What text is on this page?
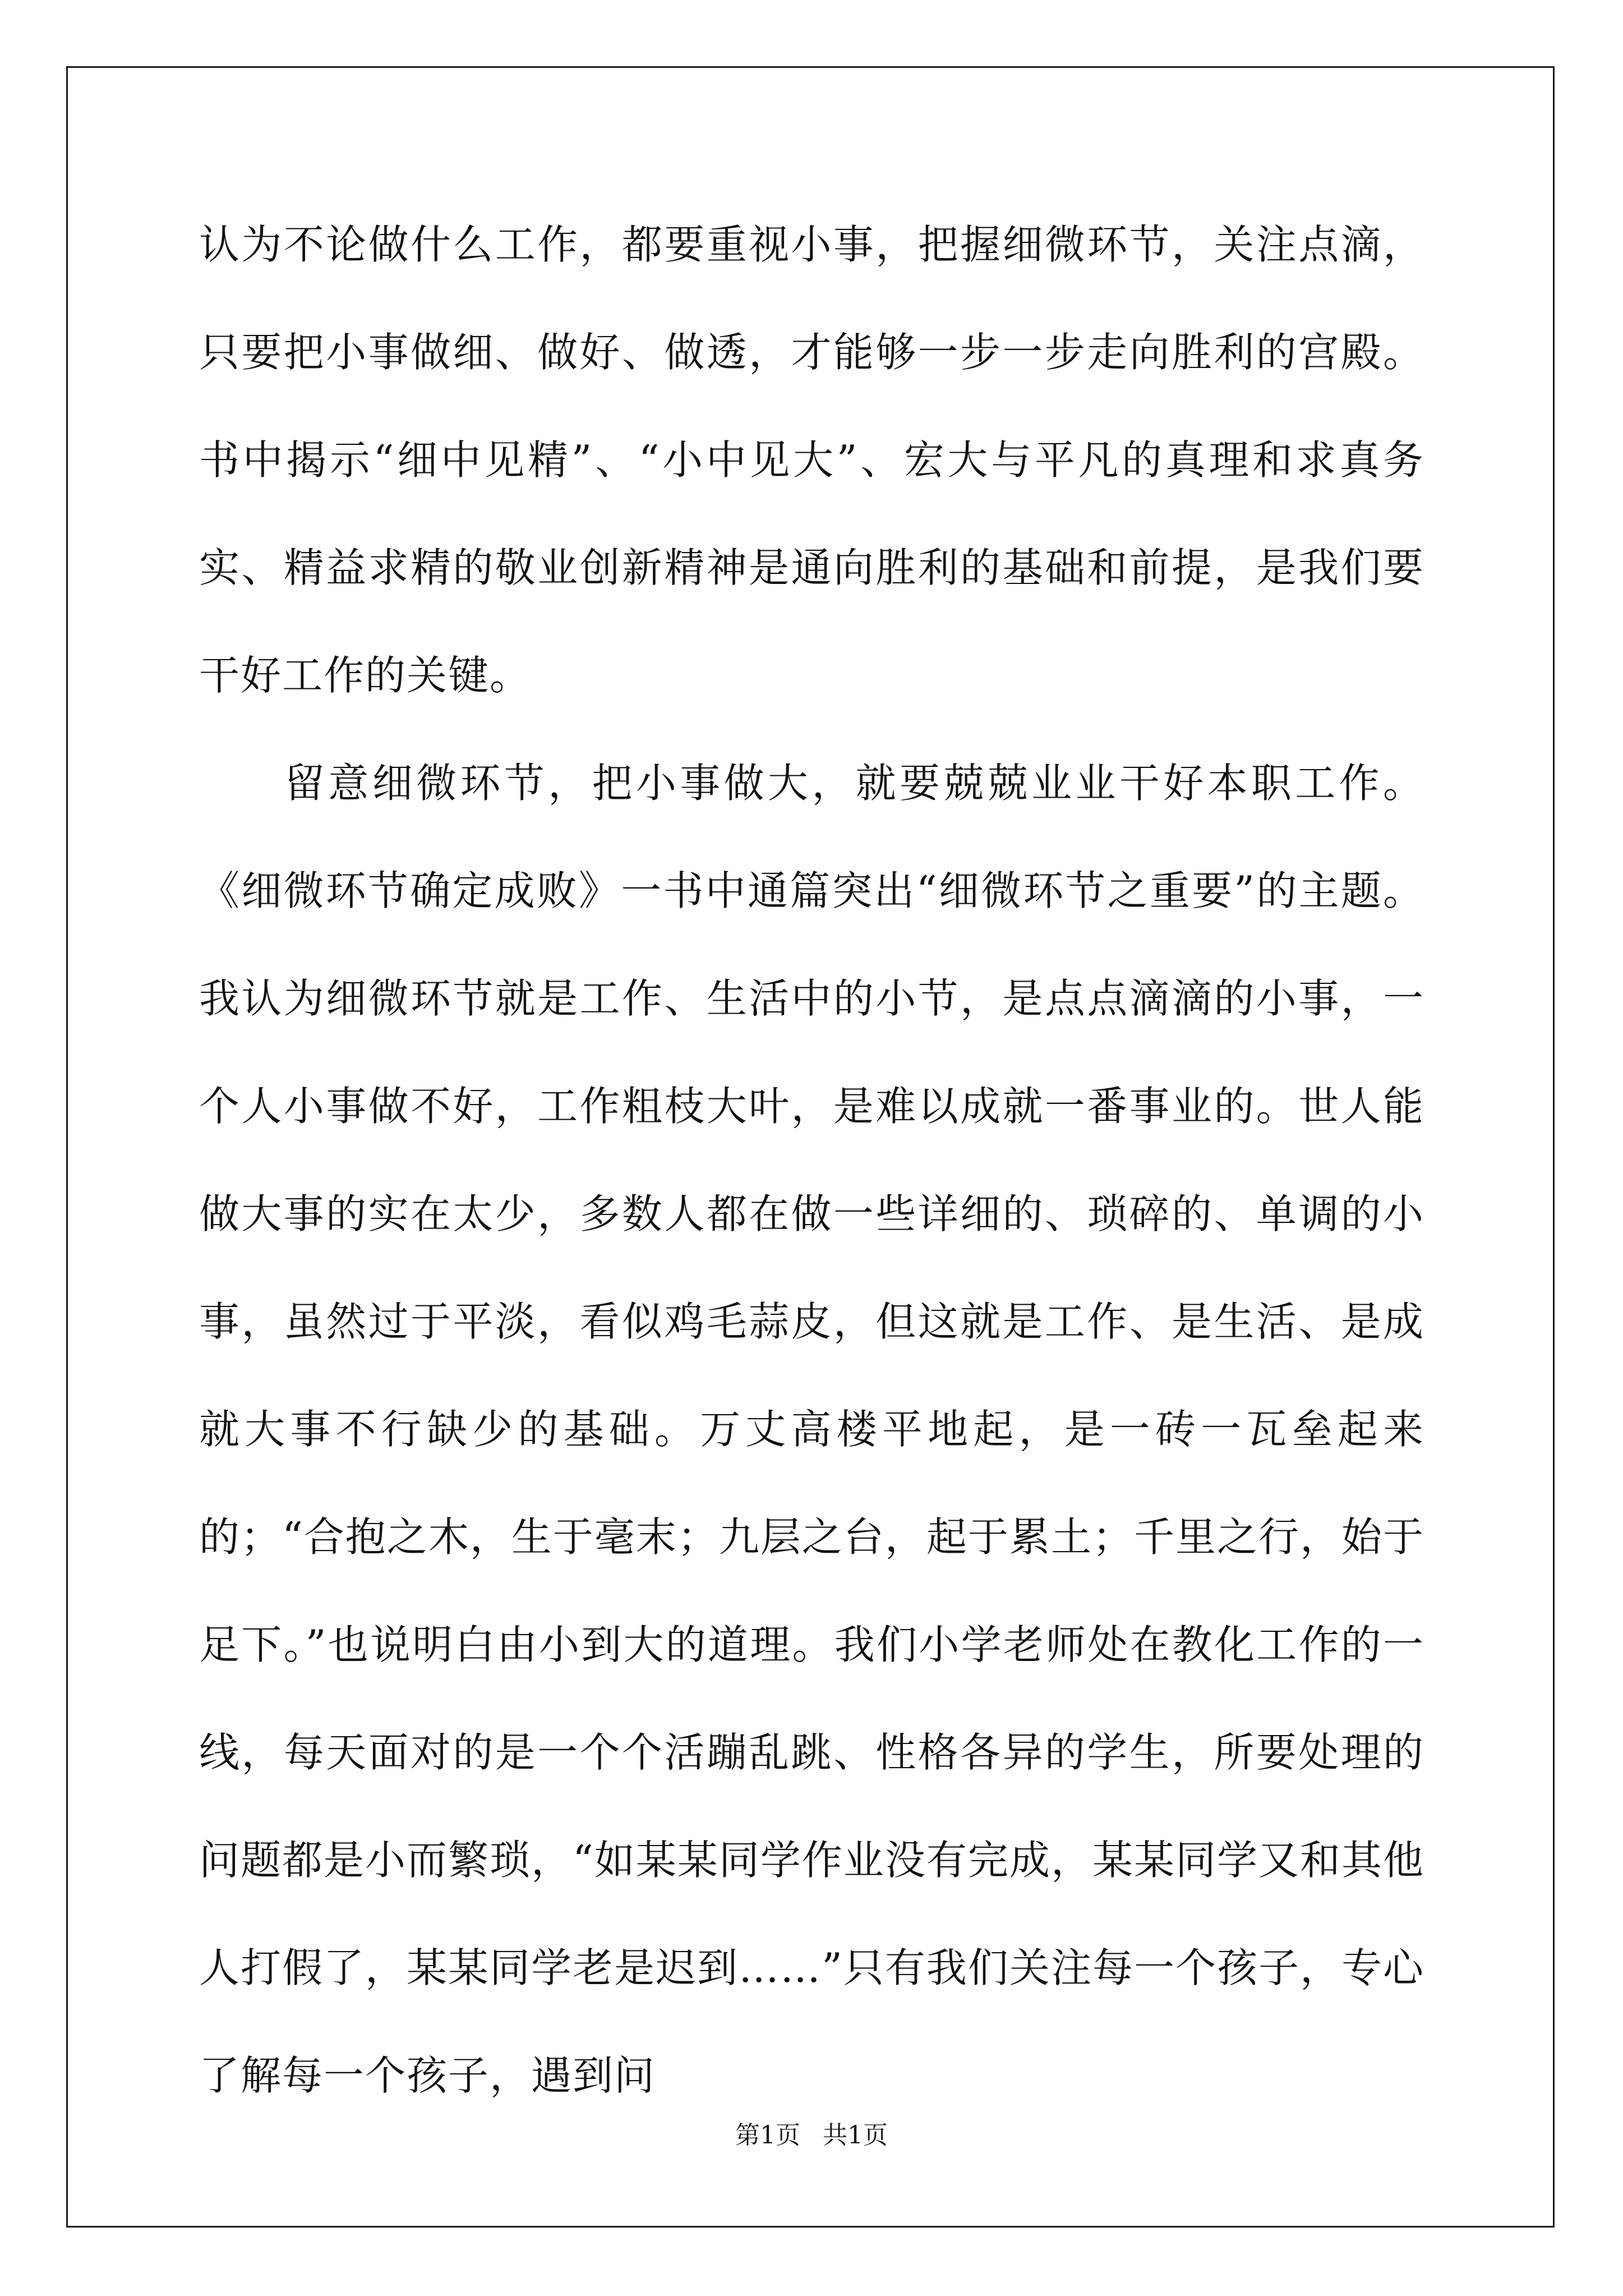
认为不论做什么工作，都要重视小事，把握细微环节，关注点滴，只要把小事做细、做好、做透，才能够一步一步走向胜利的宫殿。书中揭示“细中见精”、“小中见大”、宏大与平凡的真理和求真务实、精益求精的敬业创新精神是通向胜利的基础和前提，是我们要干好工作的关键。

留意细微环节，把小事做大，就要兢兢业业干好本职工作。《细微环节确定成败》一书中通篇突出“细微环节之重要”的主题。我认为细微环节就是工作、生活中的小节，是点点滴滴的小事，一个人小事做不好，工作粗枝大叶，是难以成就一番事业的。世人能做大事的实在太少，多数人都在做一些详细的、琐碎的、单调的小事，虽然过于平淡，看似鸡毛蒜皮，但这就是工作、是生活、是成就大事不行缺少的基础。万丈高楼平地起，是一砖一瓦垒起来的；“合抱之木，生于毫末；九层之台，起于累土；千里之行，始于足下。”也说明白由小到大的道理。我们小学老师处在教化工作的一线，每天面对的是一个个活蹦乱跳、性格各异的学生，所要处理的问题都是小而繁琐，“如某某同学作业没有完成，某某同学又和其他人打假了，某某同学老是迟到……”只有我们关注每一个孩子，专心了解每一个孩子，遇到问

第1页 共1页
